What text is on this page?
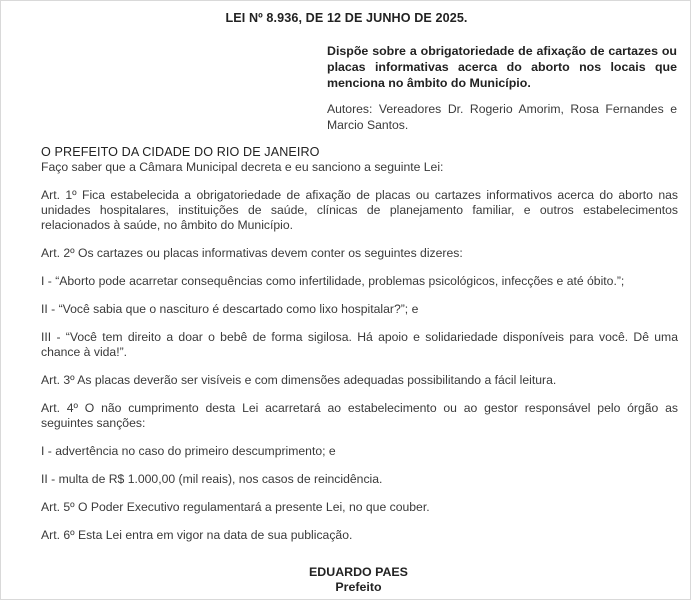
LEI Nº 8.936, DE 12 DE JUNHO DE 2025.
Dispõe sobre a obrigatoriedade de afixação de cartazes ou placas informativas acerca do aborto nos locais que menciona no âmbito do Município.
Autores: Vereadores Dr. Rogerio Amorim, Rosa Fernandes e Marcio Santos.

O PREFEITO DA CIDADE DO RIO DE JANEIRO

Faço saber que a Câmara Municipal decreta e eu sanciono a seguinte Lei:

Art. 1º Fica estabelecida a obrigatoriedade de afixação de placas ou cartazes informativos acerca do aborto nas unidades hospitalares, instituições de saúde, clínicas de planejamento familiar, e outros estabelecimentos relacionados à saúde, no âmbito do Município.

Art. 2º Os cartazes ou placas informativas devem conter os seguintes dizeres:

I - “Aborto pode acarretar consequências como infertilidade, problemas psicológicos, infecções e até óbito.”;

II - “Você sabia que o nascituro é descartado como lixo hospitalar?”; e

III - “Você tem direito a doar o bebê de forma sigilosa. Há apoio e solidariedade disponíveis para você. Dê uma chance à vida!”.

Art. 3º As placas deverão ser visíveis e com dimensões adequadas possibilitando a fácil leitura.

Art. 4º O não cumprimento desta Lei acarretará ao estabelecimento ou ao gestor responsável pelo órgão as seguintes sanções:

I - advertência no caso do primeiro descumprimento; e

II - multa de R$ 1.000,00 (mil reais), nos casos de reincidência.

Art. 5º O Poder Executivo regulamentará a presente Lei, no que couber.

Art. 6º Esta Lei entra em vigor na data de sua publicação.

EDUARDO PAES
Prefeito
